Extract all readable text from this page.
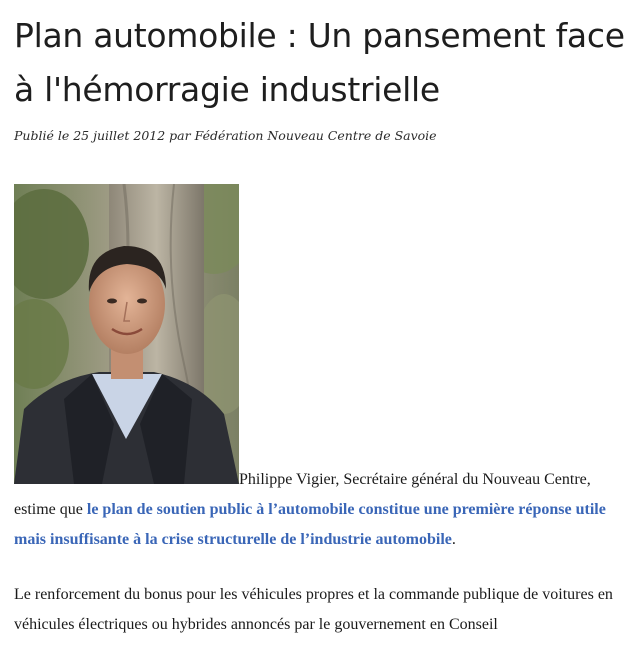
Plan automobile : Un pansement face à l'hémorragie industrielle

Publié le 25 juillet 2012 par Fédération Nouveau Centre de Savoie

Philippe Vigier, Secrétaire général du Nouveau Centre, estime que le plan de soutien public à l’automobile constitue une première réponse utile mais insuffisante à la crise structurelle de l’industrie automobile.

Le renforcement du bonus pour les véhicules propres et la commande publique de voitures en véhicules électriques ou hybrides annoncés par le gouvernement en Conseil
